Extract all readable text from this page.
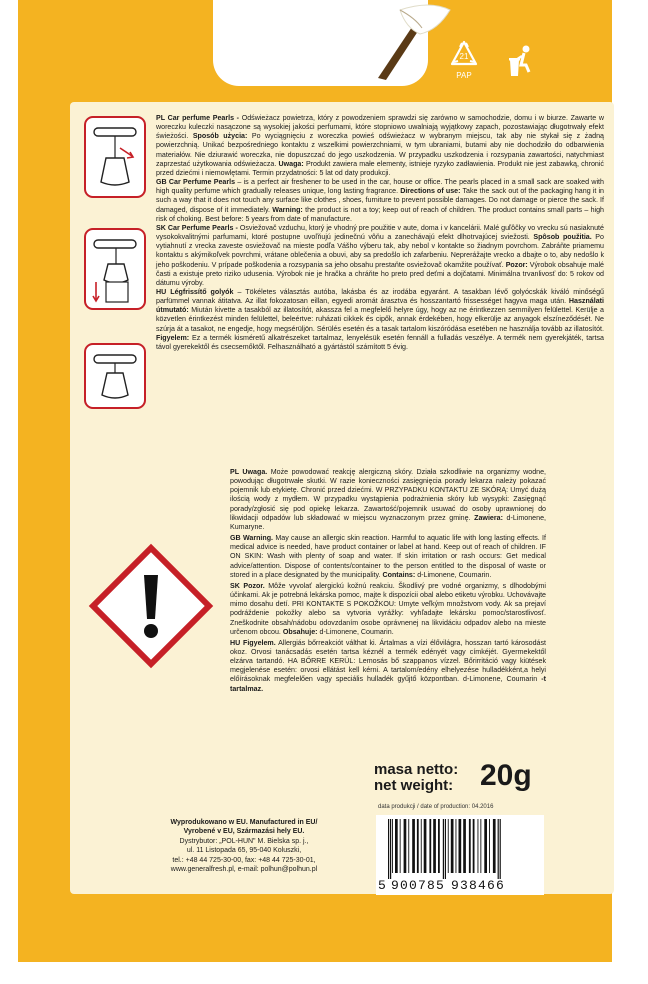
21
PAP

PL Car perfume Pearls - Odświeżacz powietrza, który z powodzeniem sprawdzi się zarówno w samochodzie, domu i w biurze. Zawarte w woreczku kuleczki nasączone są wysokiej jakości perfumami, które stopniowo uwalniają wyjątkowy zapach, pozostawiając długotrwały efekt świeżości. Sposób użycia: Po wyciągnięciu z woreczka powieś odświeżacz w wybranym miejscu, tak aby nie stykał się z żadną powierzchnią. Unikać bezpośredniego kontaktu z wszelkimi powierzchniami, w tym ubraniami, butami aby nie dochodziło do odbarwienia materiałów. Nie dziurawić woreczka, nie dopuszczać do jego uszkodzenia. W przypadku uszkodzenia i rozsypania zawartości, natychmiast zaprzestać użytkowania odświeżacza. Uwaga: Produkt zawiera małe elementy, istnieje ryzyko zadławienia. Produkt nie jest zabawką, chronić przed dziećmi i niemowlętami. Termin przydatności: 5 lat od daty produkcji.

GB Car Perfume Pearls – is a perfect air freshener to be used in the car, house or office. The pearls placed in a small sack are soaked with high quality perfume which gradually releases unique, long lasting fragrance. Directions of use: Take the sack out of the packaging hang it in such a way that it does not touch any surface like clothes , shoes, furniture to prevent possible damages. Do not damage or pierce the sack. If damaged, dispose of it immediately. Warning: the product is not a toy; keep out of reach of children. The product contains small parts – high risk of choking. Best before: 5 years from date of manufacture.

SK Car Perfume Pearls - Osviežovač vzduchu, ktorý je vhodný pre použitie v aute, doma i v kancelárii. Malé guľôčky vo vrecku sú nasiaknuté vysokokvalitnými parfumami, ktoré postupne uvoľňujú jedinečnú vôňu a zanechávajú efekt dlhotrvajúcej sviežosti. Spôsob použitia. Po vytiahnutí z vrecka zaveste osviežovač na mieste podľa Vášho výberu tak, aby nebol v kontakte so žiadnym povrchom. Zabráňte priamemu kontaktu s akýmikoľvek povrchmi, vrátane oblečenia a obuvi, aby sa predošlo ich zafarbeniu. Neprerážajte vrecko a dbajte o to, aby nedošlo k jeho poškodeniu. V prípade poškodenia a rozsypania sa jeho obsahu prestaňte osviežovač okamžite používať. Pozor: Výrobok obsahuje malé časti a existuje preto riziko udusenia. Výrobok nie je hračka a chráňte ho preto pred deťmi a dojčatami. Minimálna trvanlivosť do: 5 rokov od dátumu výroby.

HU Légfrissítő golyók – Tökéletes választás autóba, lakásba és az irodába egyaránt. A tasakban lévő golyócskák kiváló minőségű parfümmel vannak átitatva. Az illat fokozatosan eillan, egyedi aromát árasztva és hosszantartó frissességet hagyva maga után. Használati útmutató: Miután kivette a tasakból az illatosítót, akassza fel a megfelelő helyre úgy, hogy az ne érintkezzen semmilyen felülettel. Kerülje a közvetlen érintkezést minden felülettel, beleértve: ruházati cikkek és cipők, annak érdekében, hogy elkerülje az anyagok elszíneződését. Ne szúrja át a tasakot, ne engedje, hogy megsérüljön. Sérülés esetén és a tasak tartalom kiszóródása esetében ne használja tovább az illatosítót. Figyelem: Ez a termék kisméretű alkatrészeket tartalmaz, lenyelésük esetén fennáll a fulladás veszélye. A termék nem gyerekjáték, tartsa távol gyerekektől és csecsemőktől. Felhasználható a gyártástól számított 5 évig.

PL Uwaga. Może powodować reakcję alergiczną skóry. Działa szkodliwie na organizmy wodne, powodując długotrwałe skutki. W razie konieczności zasięgnięcia porady lekarza należy pokazać pojemnik lub etykietę. Chronić przed dziećmi. W PRZYPADKU KONTAKTU ZE SKÓRĄ: Umyć dużą ilością wody z mydłem. W przypadku wystąpienia podrażnienia skóry lub wysypki: Zasięgnąć porady/zgłosić się pod opiekę lekarza. Zawartość/pojemnik usuwać do osoby uprawnionej do likwidacji odpadów lub składować w miejscu wyznaczonym przez gminę. Zawiera: d-Limonene, Kumaryne.

GB Warning. May cause an allergic skin reaction. Harmful to aquatic life with long lasting effects. If medical advice is needed, have product container or label at hand. Keep out of reach of children. IF ON SKIN: Wash with plenty of soap and water. If skin irritation or rash occurs: Get medical advice/attention. Dispose of contents/container to the person entitled to the disposal of waste or stored in a place designated by the municipality. Contains: d-Limonene, Coumarin.

SK Pozor. Môže vyvolať alergickú kožnú reakciu. Škodlivý pre vodné organizmy, s dlhodobými účinkami. Ak je potrebná lekárska pomoc, majte k dispozícii obal alebo etiketu výrobku. Uchovávajte mimo dosahu detí. PRI KONTAKTE S POKOŽKOU: Umyte veľkým množstvom vody. Ak sa prejaví podráždenie pokožky alebo sa vytvoria vyrážky: vyhľadajte lekársku pomoc/starostlivosť. Zneškodnite obsah/nádobu odovzdaním osobe oprávnenej na likvidáciu odpadov alebo na mieste určenom obcou. Obsahuje: d-Limonene, Coumarin.

HU Figyelem. Allergiás bőrreakciót válthat ki. Ártalmas a vízi élővilágra, hosszan tartó károsodást okoz. Orvosi tanácsadás esetén tartsa kéznél a termék edényét vagy címkéjét. Gyermekektől elzárva tartandó. HA BŐRRE KERÜL: Lemosás bő szappanos vízzel. Bőrirritáció vagy kiütések megjelenése esetén: orvosi ellátást kell kérni. A tartalom/edény elhelyezése hulladékként,a helyi előírásoknak megfelelően vagy speciális hulladék gyűjtő központban. d-Limonene, Coumarin -t tartalmaz.

masa netto:
net weight: 20g
data produkcji / date of production: 04.2016
Wyprodukowano w EU. Manufactured in EU/
Vyrobené v EU, Származási hely EU.
Dystrybutor: „POL-HUN" M. Bielska sp. j.,
ul. 11 Listopada 65, 95-040 Koluszki,
tel.: +48 44 725-30-00, fax: +48 44 725-30-01,
www.generalfresh.pl, e-mail: polhun@polhun.pl
5 900785 938466
